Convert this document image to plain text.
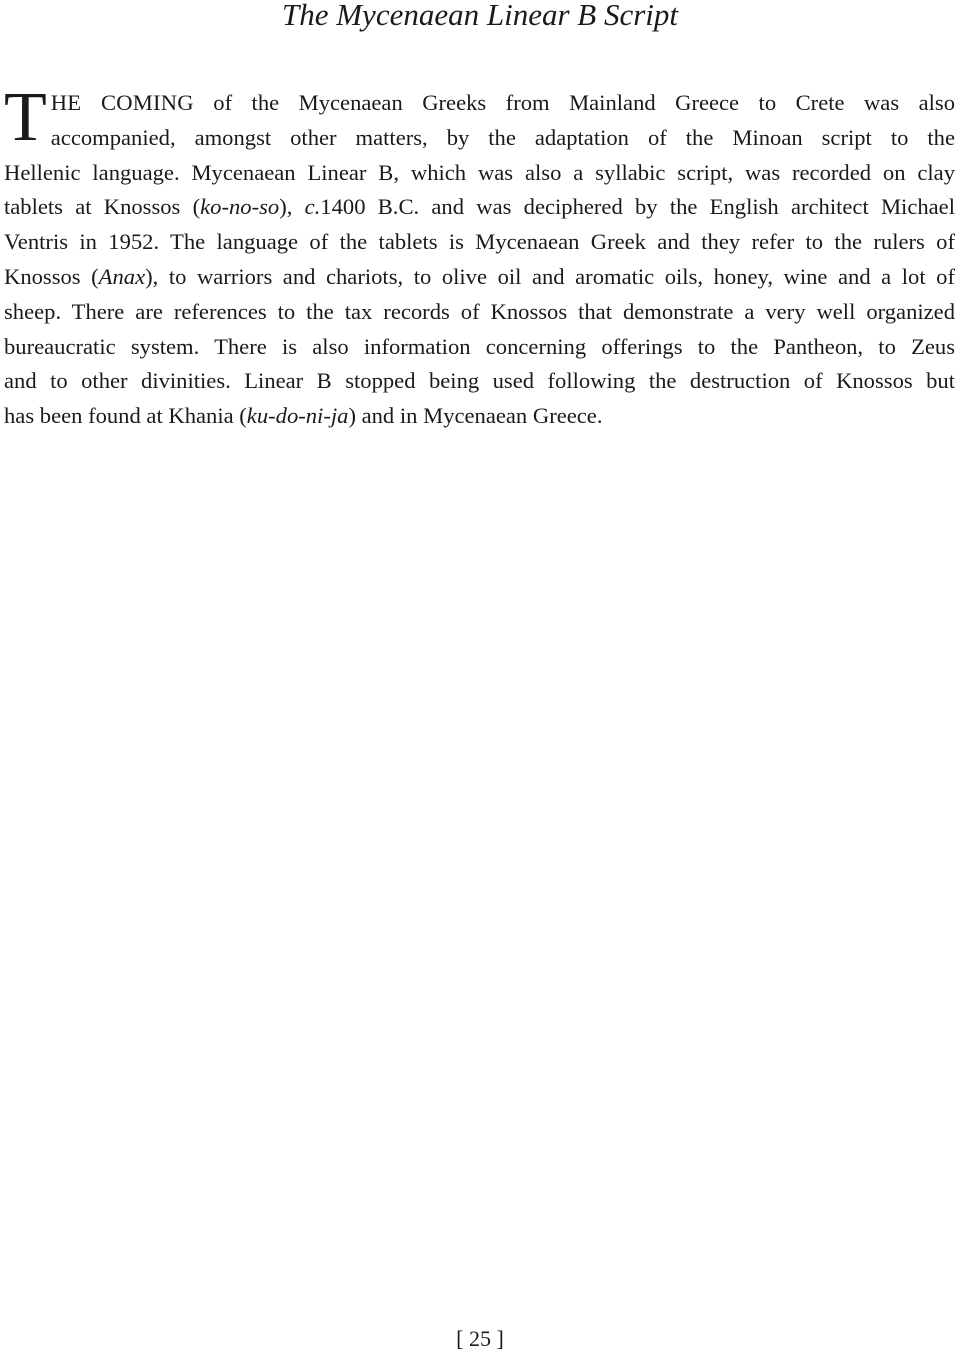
The Mycenaean Linear B Script
T HE COMING of the Mycenaean Greeks from Mainland Greece to Crete was also
accompanied, amongst other matters, by the adaptation of the Minoan script to the
Hellenic language. Mycenaean Linear B, which was also a syllabic script, was recorded on clay
tablets at Knossos (ko-no-so), c.1400 B.C. and was deciphered by the English architect Michael
Ventris in 1952. The language of the tablets is Mycenaean Greek and they refer to the rulers of
Knossos (Anax), to warriors and chariots, to olive oil and aromatic oils, honey, wine and a lot of
sheep. There are references to the tax records of Knossos that demonstrate a very well organized
bureaucratic system. There is also information concerning offerings to the Pantheon, to Zeus
and to other divinities. Linear B stopped being used following the destruction of Knossos but
has been found at Khania (ku-do-ni-ja) and in Mycenaean Greece.
[ 25 ]
